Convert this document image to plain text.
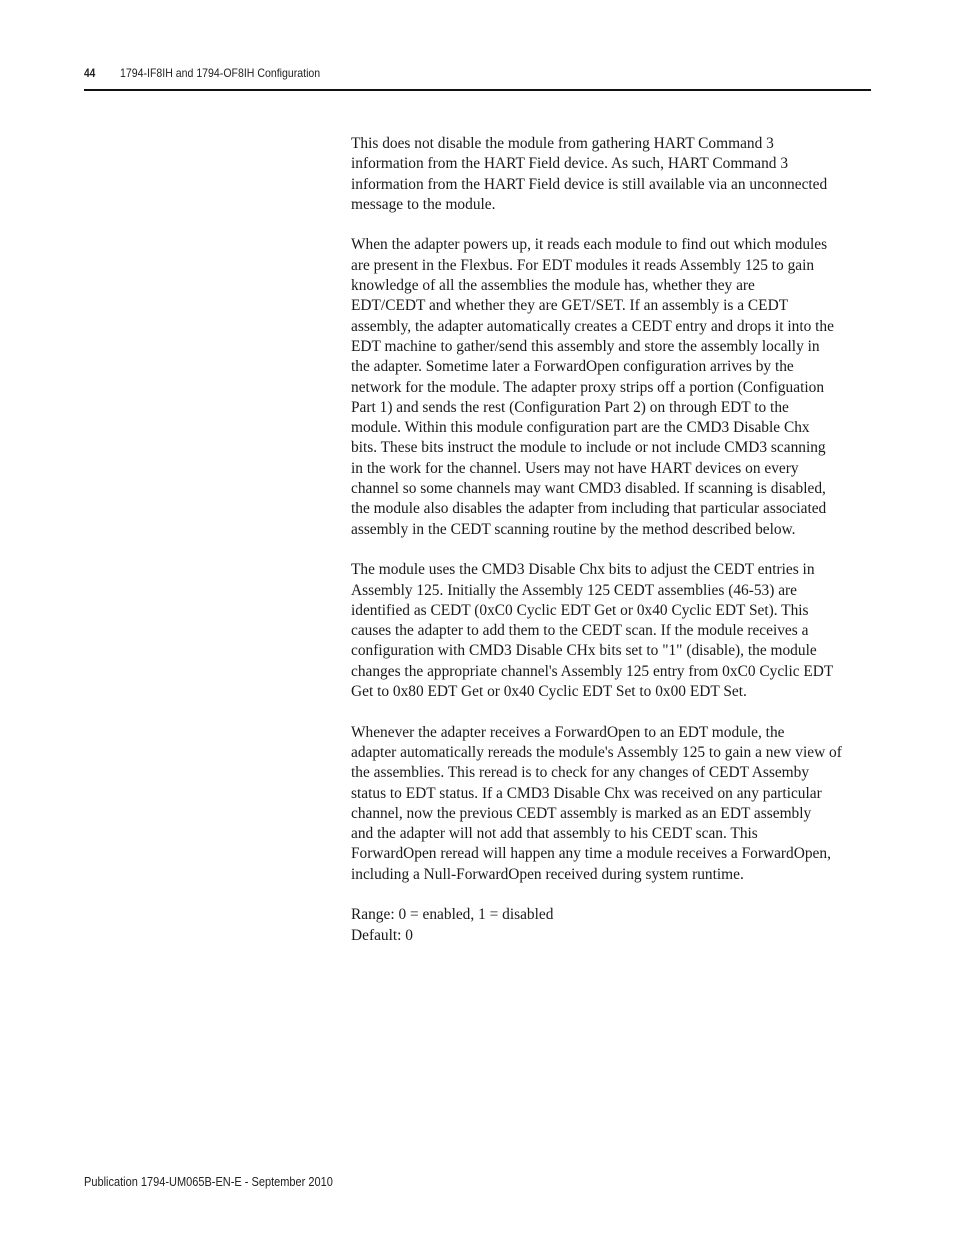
44 1794-IF8IH and 1794-OF8IH Configuration

This does not disable the module from gathering HART Command 3
information from the HART Field device. As such, HART Command 3
information from the HART Field device is still available via an unconnected
message to the module.

When the adapter powers up, it reads each module to find out which modules
are present in the Flexbus. For EDT modules it reads Assembly 125 to gain
knowledge of all the assemblies the module has, whether they are
EDT/CEDT and whether they are GET/SET. If an assembly is a CEDT
assembly, the adapter automatically creates a CEDT entry and drops it into the
EDT machine to gather/send this assembly and store the assembly locally in
the adapter. Sometime later a ForwardOpen configuration arrives by the
network for the module. The adapter proxy strips off a portion (Configuation
Part 1) and sends the rest (Configuration Part 2) on through EDT to the
module. Within this module configuration part are the CMD3 Disable Chx
bits. These bits instruct the module to include or not include CMD3 scanning
in the work for the channel. Users may not have HART devices on every
channel so some channels may want CMD3 disabled. If scanning is disabled,
the module also disables the adapter from including that particular associated
assembly in the CEDT scanning routine by the method described below.

The module uses the CMD3 Disable Chx bits to adjust the CEDT entries in
Assembly 125. Initially the Assembly 125 CEDT assemblies (46-53) are
identified as CEDT (0xC0 Cyclic EDT Get or 0x40 Cyclic EDT Set). This
causes the adapter to add them to the CEDT scan. If the module receives a
configuration with CMD3 Disable CHx bits set to "1" (disable), the module
changes the appropriate channel's Assembly 125 entry from 0xC0 Cyclic EDT
Get to 0x80 EDT Get or 0x40 Cyclic EDT Set to 0x00 EDT Set.

Whenever the adapter receives a ForwardOpen to an EDT module, the
adapter automatically rereads the module's Assembly 125 to gain a new view of
the assemblies. This reread is to check for any changes of CEDT Assemby
status to EDT status. If a CMD3 Disable Chx was received on any particular
channel, now the previous CEDT assembly is marked as an EDT assembly
and the adapter will not add that assembly to his CEDT scan. This
ForwardOpen reread will happen any time a module receives a ForwardOpen,
including a Null-ForwardOpen received during system runtime.

Range: 0 = enabled, 1 = disabled
Default: 0

Publication 1794-UM065B-EN-E - September 2010
